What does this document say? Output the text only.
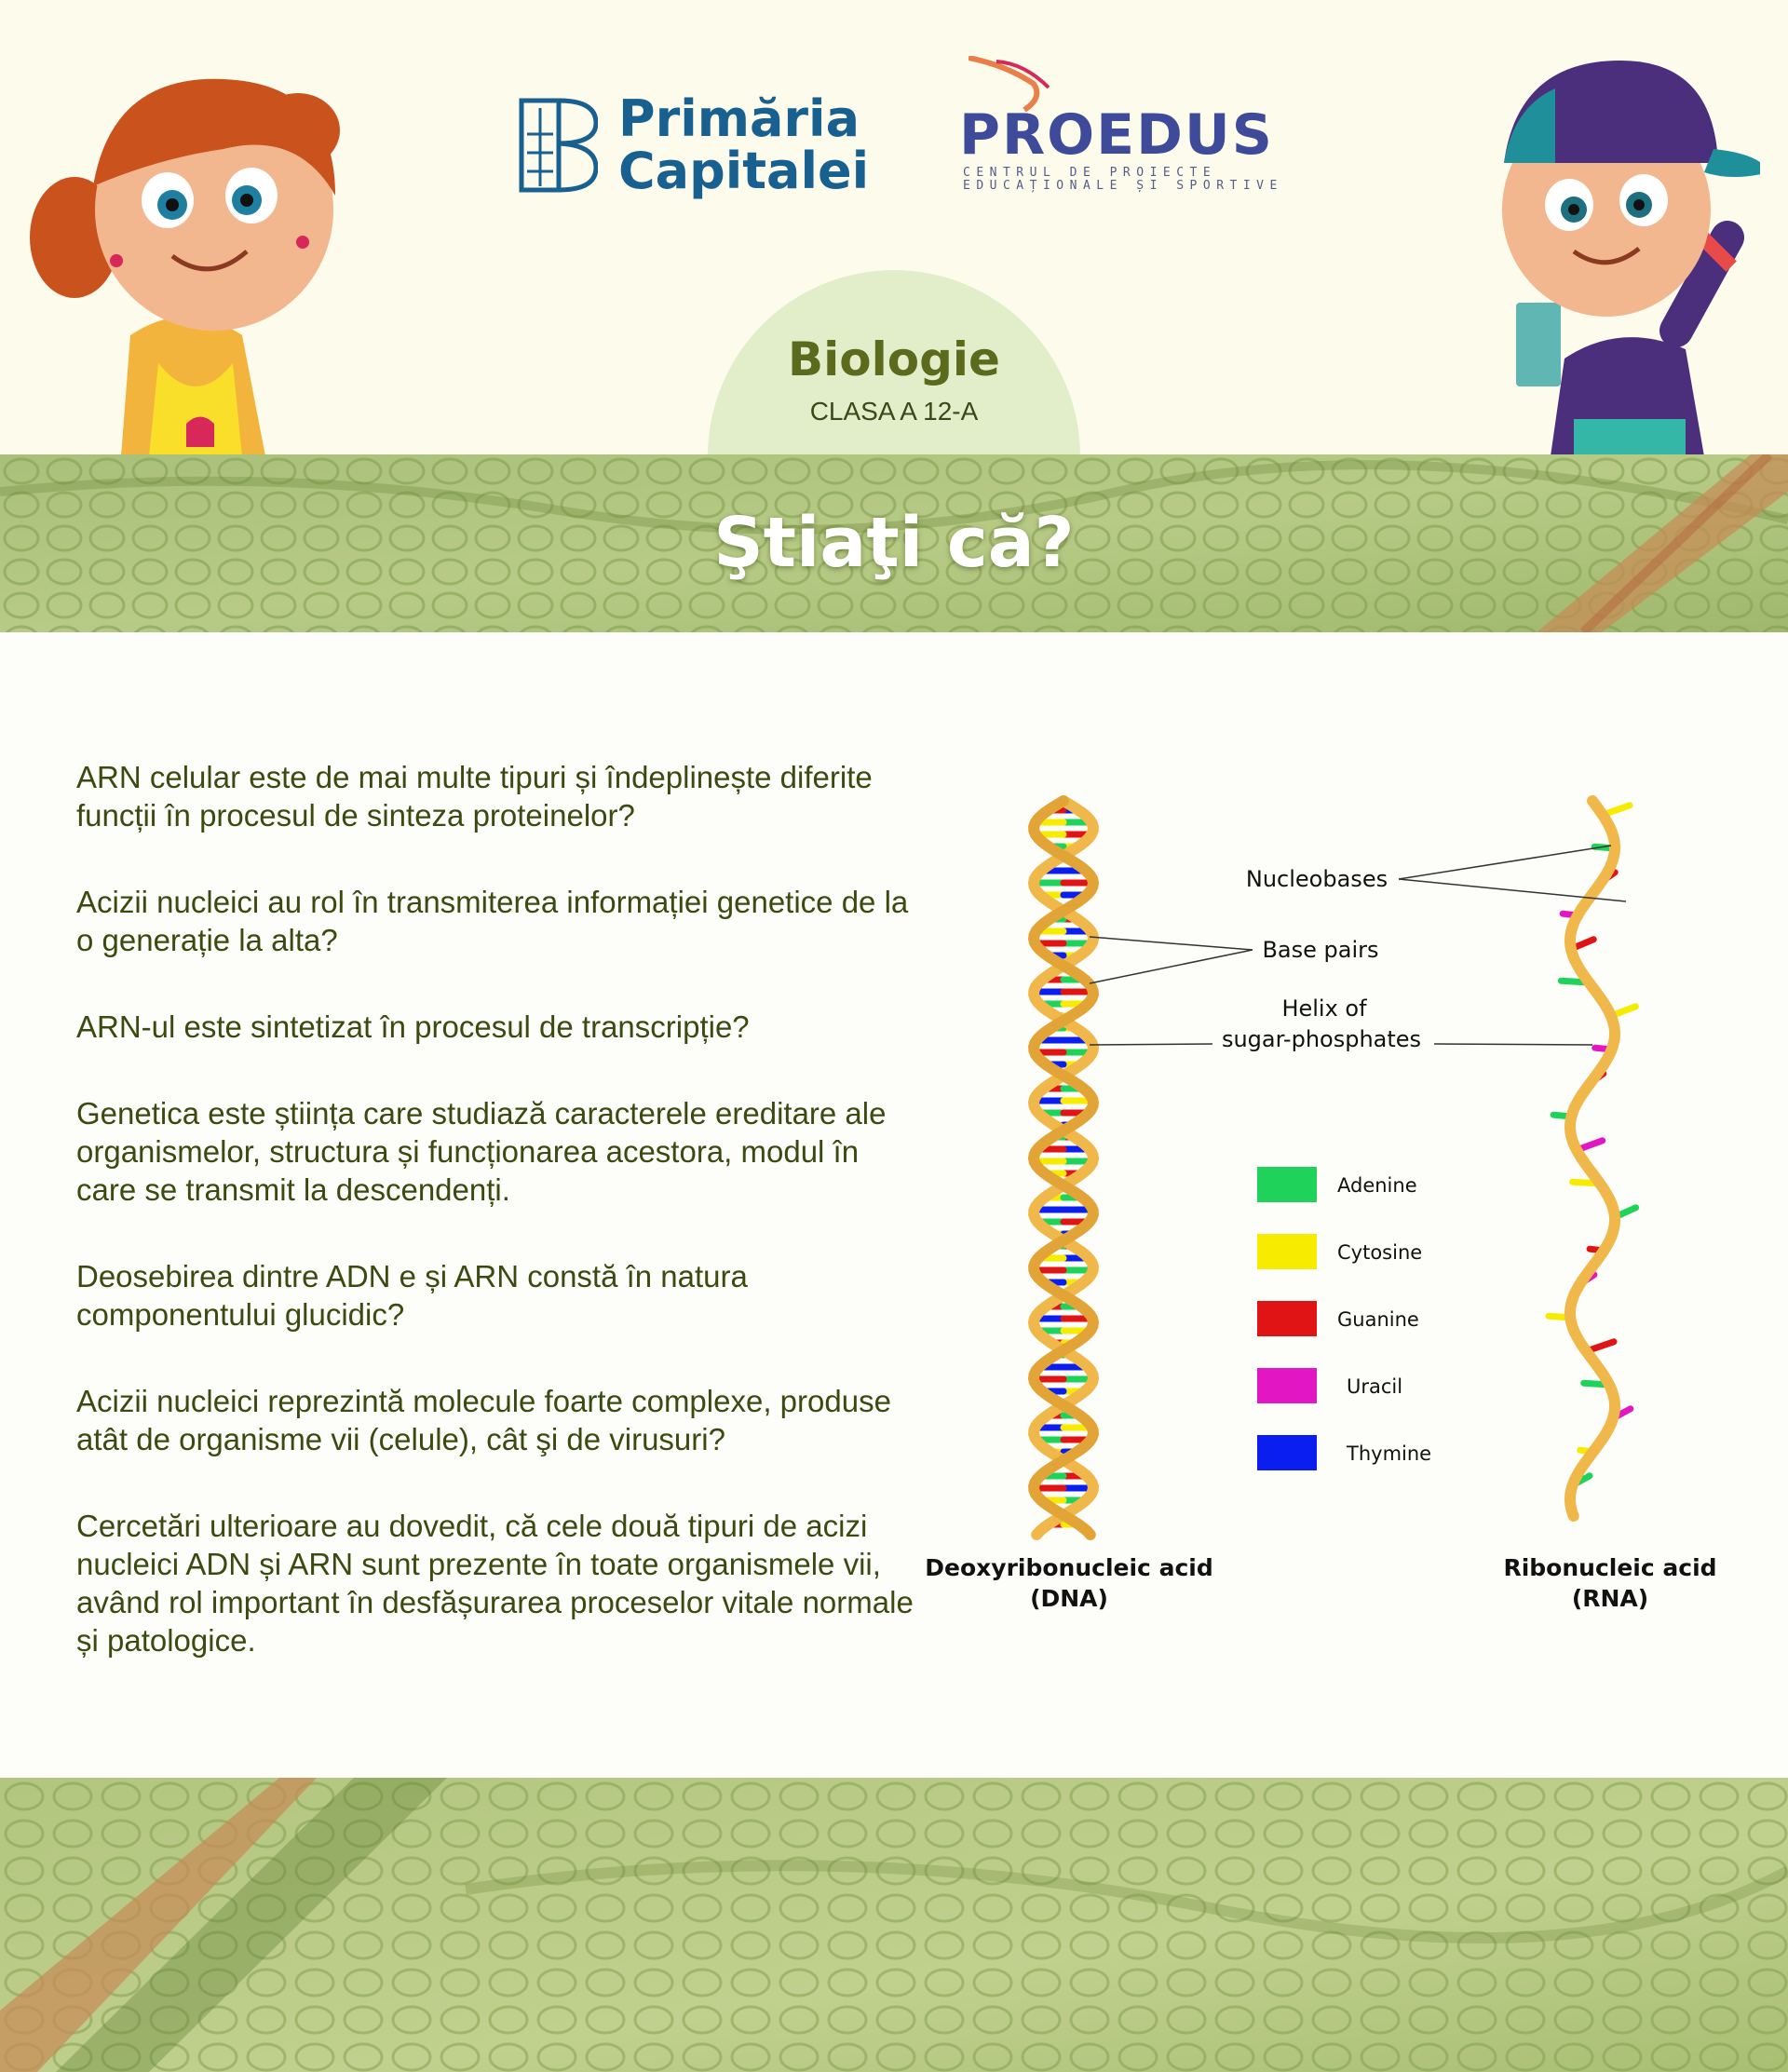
Primăria
Capitalei
PROEDUS
CENTRUL DE PROIECTE
EDUCAȚIONALE ȘI SPORTIVE
Biologie
CLASA A 12-A
Ştiaţi că?

ARN celular este de mai multe tipuri și îndeplinește diferite funcții în procesul de sinteza proteinelor?

Acizii nucleici au rol în transmiterea informației genetice de la o generație la alta?

ARN-ul este sintetizat în procesul de transcripție?

Genetica este știința care studiază caracterele ereditare ale organismelor, structura și funcționarea acestora, modul în care se transmit la descendenți.

Deosebirea dintre ADN e și ARN constă în natura componentului glucidic?

Acizii nucleici reprezintă molecule foarte complexe, produse atât de organisme vii (celule), cât şi de virusuri?

Cercetări ulterioare au dovedit, că cele două tipuri de acizi nucleici ADN și ARN sunt prezente în toate organismele vii, având rol important în desfășurarea proceselor vitale normale și patologice.

Nucleobases
Base pairs
Helix of
sugar-phosphates
Adenine
Cytosine
Guanine
Uracil
Thymine
Deoxyribonucleic acid
(DNA)
Ribonucleic acid
(RNA)
